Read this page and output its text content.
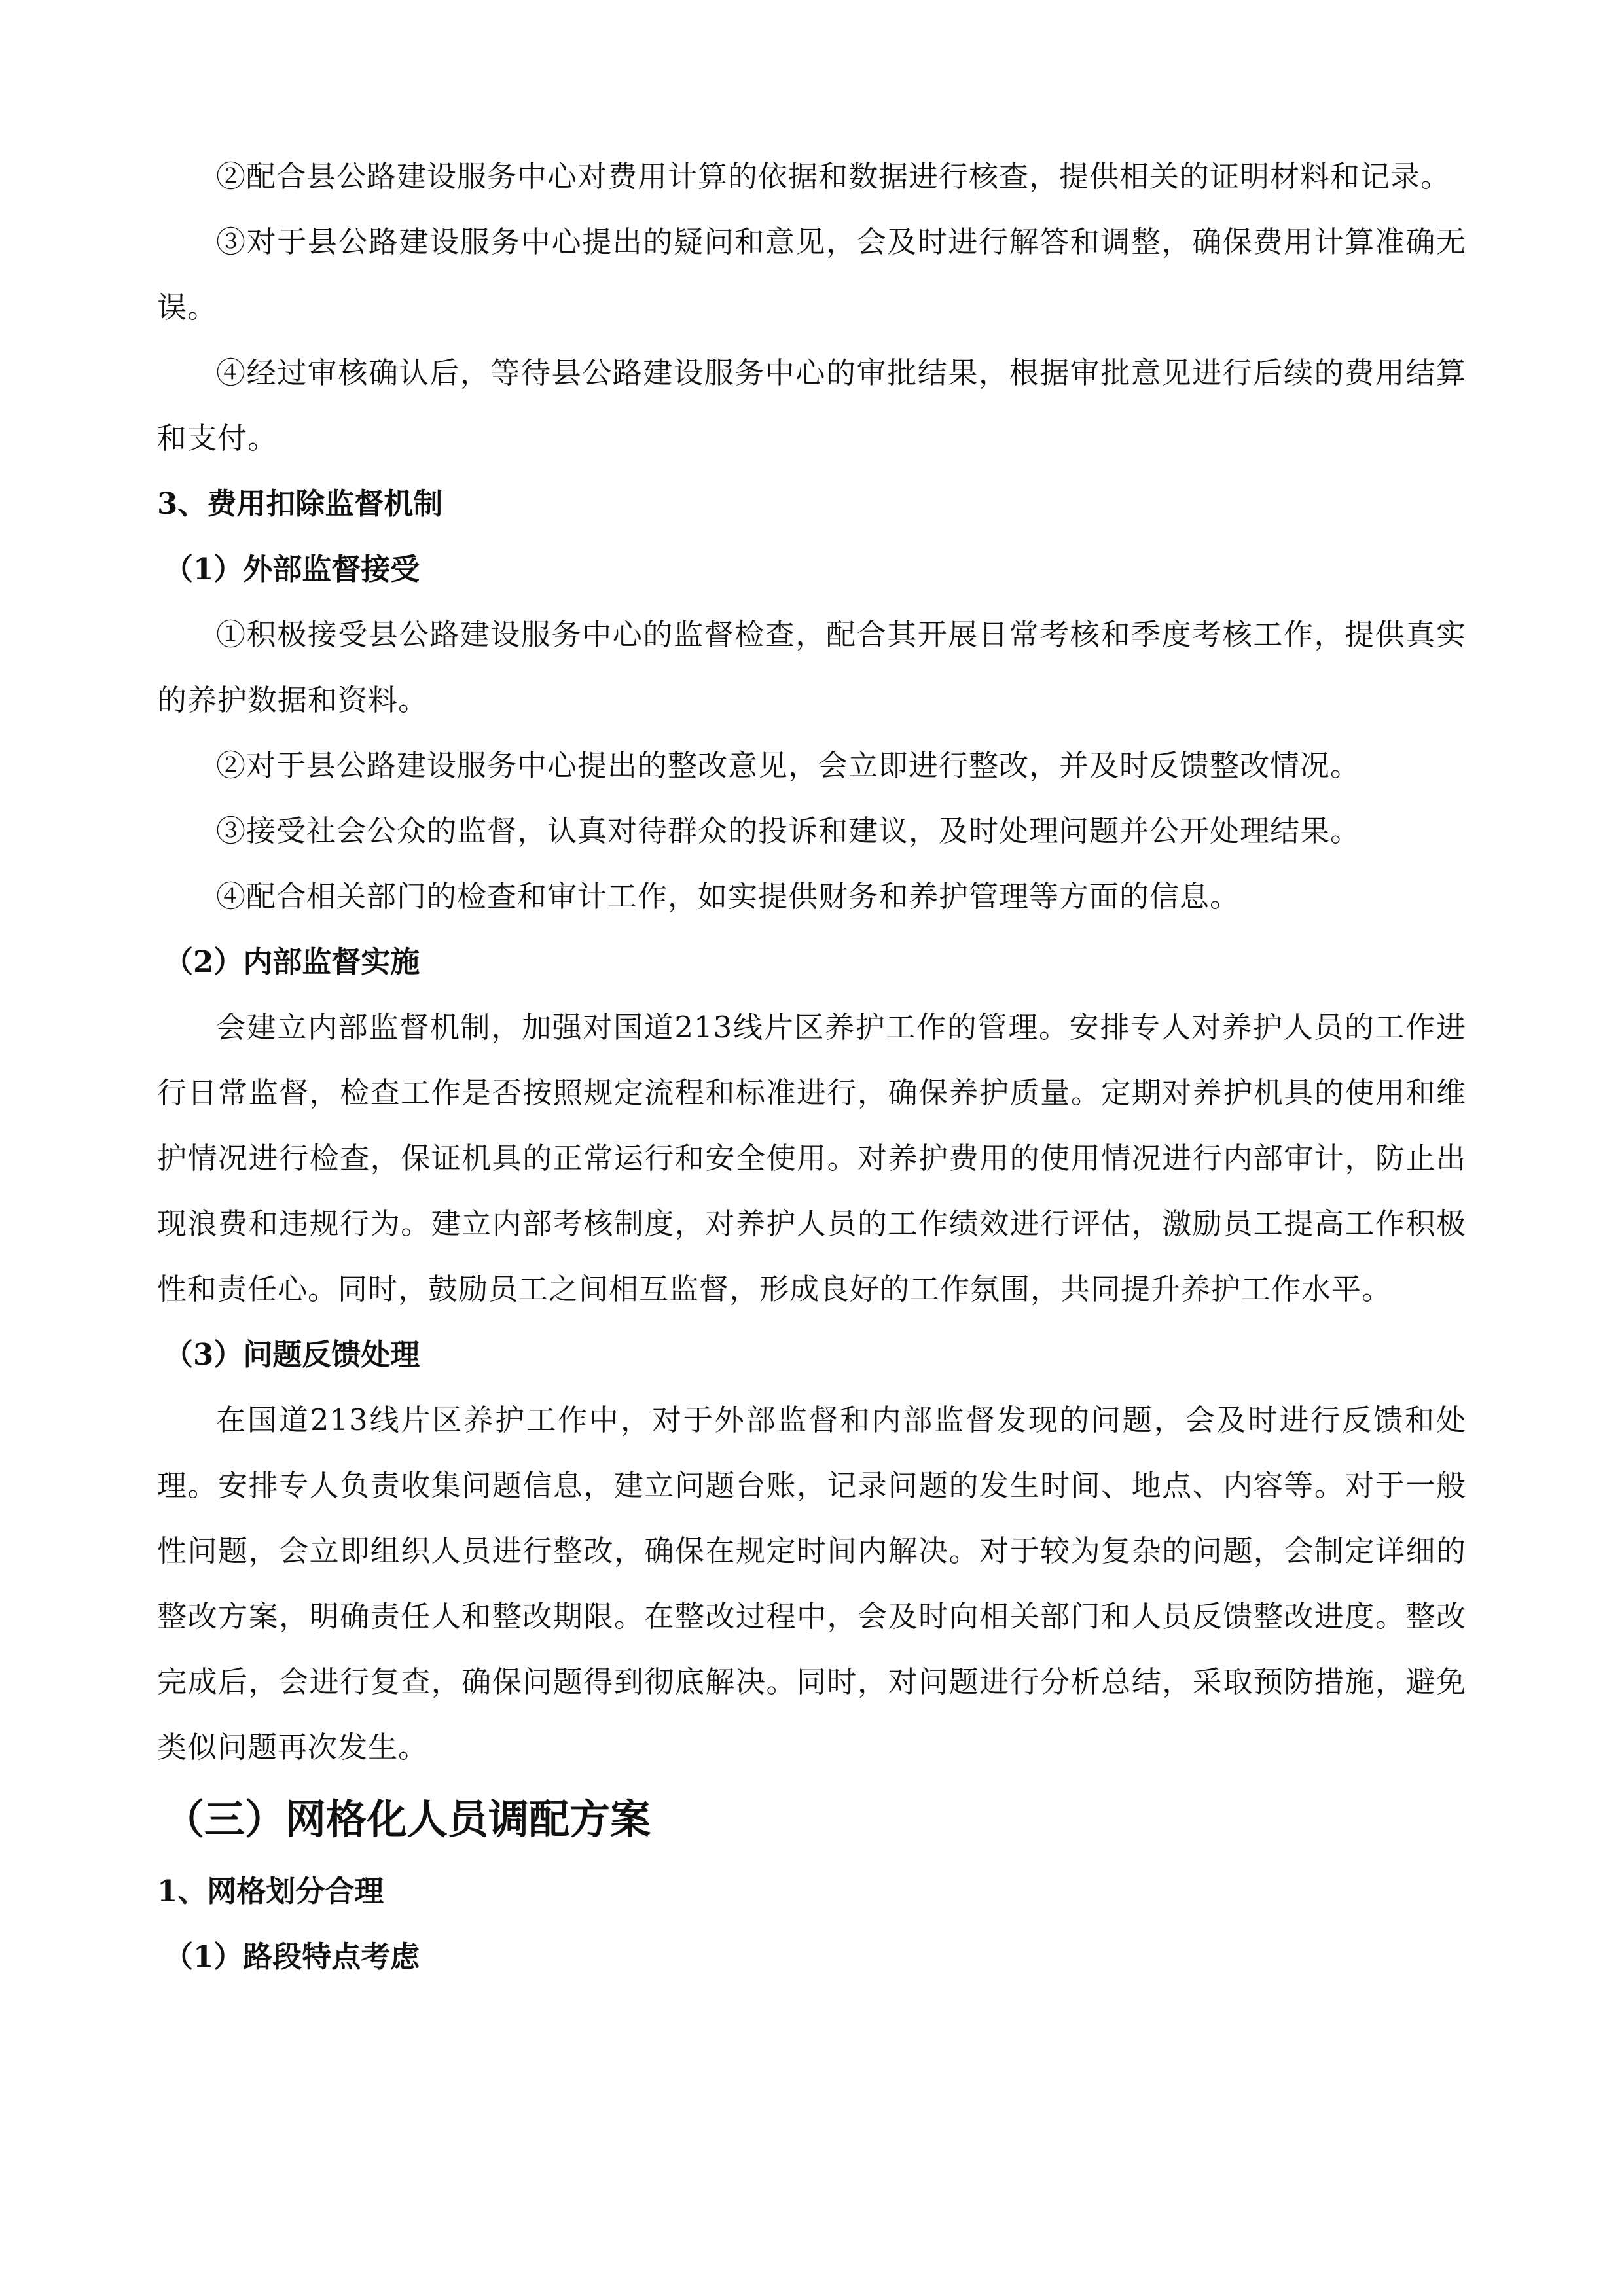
②配合县公路建设服务中心对费用计算的依据和数据进行核查，提供相关的证明材料和记录。

③对于县公路建设服务中心提出的疑问和意见，会及时进行解答和调整，确保费用计算准确无误。

④经过审核确认后，等待县公路建设服务中心的审批结果，根据审批意见进行后续的费用结算和支付。

3、费用扣除监督机制

（1）外部监督接受

①积极接受县公路建设服务中心的监督检查，配合其开展日常考核和季度考核工作，提供真实的养护数据和资料。

②对于县公路建设服务中心提出的整改意见，会立即进行整改，并及时反馈整改情况。

③接受社会公众的监督，认真对待群众的投诉和建议，及时处理问题并公开处理结果。

④配合相关部门的检查和审计工作，如实提供财务和养护管理等方面的信息。

（2）内部监督实施

会建立内部监督机制，加强对国道213线片区养护工作的管理。安排专人对养护人员的工作进行日常监督，检查工作是否按照规定流程和标准进行，确保养护质量。定期对养护机具的使用和维护情况进行检查，保证机具的正常运行和安全使用。对养护费用的使用情况进行内部审计，防止出现浪费和违规行为。建立内部考核制度，对养护人员的工作绩效进行评估，激励员工提高工作积极性和责任心。同时，鼓励员工之间相互监督，形成良好的工作氛围，共同提升养护工作水平。

（3）问题反馈处理

在国道213线片区养护工作中，对于外部监督和内部监督发现的问题，会及时进行反馈和处理。安排专人负责收集问题信息，建立问题台账，记录问题的发生时间、地点、内容等。对于一般性问题，会立即组织人员进行整改，确保在规定时间内解决。对于较为复杂的问题，会制定详细的整改方案，明确责任人和整改期限。在整改过程中，会及时向相关部门和人员反馈整改进度。整改完成后，会进行复查，确保问题得到彻底解决。同时，对问题进行分析总结，采取预防措施，避免类似问题再次发生。

（三）网格化人员调配方案

1、网格划分合理

（1）路段特点考虑
